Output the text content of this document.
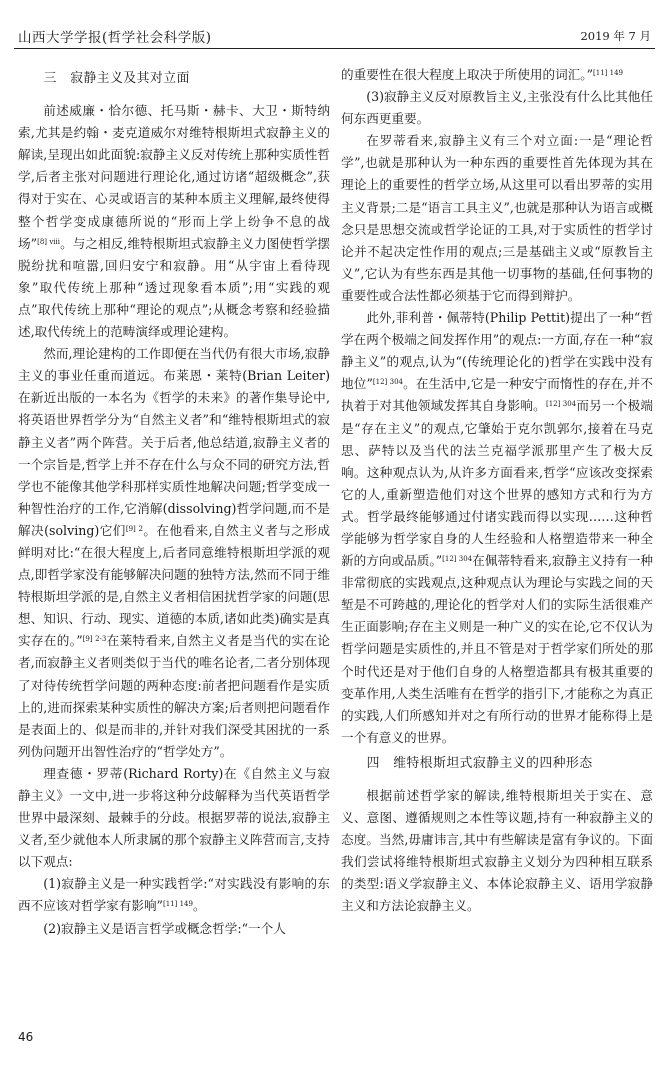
山西大学学报(哲学社会科学版)	2019 年 7 月
三　寂静主义及其对立面

前述威廉・恰尔德、托马斯・赫卡、大卫・斯特纳索,尤其是约翰・麦克道威尔对维特根斯坦式寂静主义的解读,呈现出如此面貌:寂静主义反对传统上那种实质性哲学,后者主张对问题进行理论化,通过访诸“超级概念”,获得对于实在、心灵或语言的某种本质主义理解,最终使得整个哲学变成康德所说的“形而上学上纷争不息的战场”$^{[8] viii}$。与之相反,维特根斯坦式寂静主义力图使哲学摆脱纷扰和喧嚣,回归安宁和寂静。用“从宇宙上看待现象”取代传统上那种“透过现象看本质”;用“实践的观点”取代传统上那种“理论的观点”;从概念考察和经验描述,取代传统上的范畴演绎或理论建构。

然而,理论建构的工作即便在当代仍有很大市场,寂静主义的事业任重而道远。布莱恩・莱特(Brian Leiter)在新近出版的一本名为《哲学的未来》的著作集导论中,将英语世界哲学分为“自然主义者”和“维特根斯坦式的寂静主义者”两个阵营。关于后者,他总结道,寂静主义者的一个宗旨是,哲学上并不存在什么与众不同的研究方法,哲学也不能像其他学科那样实质性地解决问题;哲学变成一种智性治疗的工作,它消解(dissolving)哲学问题,而不是解决(solving)它们$^{[9] 2}$。在他看来,自然主义者与之形成鲜明对比:“在很大程度上,后者同意维特根斯坦学派的观点,即哲学家没有能够解决问题的独特方法,然而不同于维特根斯坦学派的是,自然主义者相信困扰哲学家的问题(思想、知识、行动、现实、道德的本质,诸如此类)确实是真实存在的。”$^{[9] 2-3}$在莱特看来,自然主义者是当代的实在论者,而寂静主义者则类似于当代的唯名论者,二者分别体现了对待传统哲学问题的两种态度:前者把问题看作是实质上的,进而探索某种实质性的解决方案;后者则把问题看作是表面上的、似是而非的,并针对我们深受其困扰的一系列伪问题开出智性治疗的“哲学处方”。

理查德・罗蒂(Richard Rorty)在《自然主义与寂静主义》一文中,进一步将这种分歧解释为当代英语哲学世界中最深刻、最棘手的分歧。根据罗蒂的说法,寂静主义者,至少就他本人所隶属的那个寂静主义阵营而言,支持以下观点:

(1)寂静主义是一种实践哲学:“对实践没有影响的东西不应该对哲学家有影响”$^{[11] 149}$。

(2)寂静主义是语言哲学或概念哲学:“一个人

的重要性在很大程度上取决于所使用的词汇。”$^{[11] 149}$

(3)寂静主义反对原教旨主义,主张没有什么比其他任何东西更重要。

在罗蒂看来,寂静主义有三个对立面:一是“理论哲学”,也就是那种认为一种东西的重要性首先体现为其在理论上的重要性的哲学立场,从这里可以看出罗蒂的实用主义背景;二是“语言工具主义”,也就是那种认为语言或概念只是思想交流或哲学论证的工具,对于实质性的哲学讨论并不起决定性作用的观点;三是基础主义或“原教旨主义”,它认为有些东西是其他一切事物的基础,任何事物的重要性或合法性都必须基于它而得到辩护。

此外,菲利普・佩蒂特(Philip Pettit)提出了一种“哲学在两个极端之间发挥作用”的观点:一方面,存在一种“寂静主义”的观点,认为“(传统理论化的)哲学在实践中没有地位”$^{[12] 304}$。在生活中,它是一种安宁而惰性的存在,并不执着于对其他领域发挥其自身影响。$^{[12] 304}$而另一个极端是“存在主义”的观点,它肇始于克尔凯郭尔,接着在马克思、萨特以及当代的法兰克福学派那里产生了极大反响。这种观点认为,从许多方面看来,哲学“应该改变探索它的人,重新塑造他们对这个世界的感知方式和行为方式。哲学最终能够通过付诸实践而得以实现……这种哲学能够为哲学家自身的人生经验和人格塑造带来一种全新的方向或品质。”$^{[12] 304}$在佩蒂特看来,寂静主义持有一种非常彻底的实践观点,这种观点认为理论与实践之间的天堑是不可跨越的,理论化的哲学对人们的实际生活很难产生正面影响;存在主义则是一种广义的实在论,它不仅认为哲学问题是实质性的,并且不管是对于哲学家们所处的那个时代还是对于他们自身的人格塑造都具有极其重要的变革作用,人类生活唯有在哲学的指引下,才能称之为真正的实践,人们所感知并对之有所行动的世界才能称得上是一个有意义的世界。

四　维特根斯坦式寂静主义的四种形态

根据前述哲学家的解读,维特根斯坦关于实在、意义、意图、遵循规则之本性等议题,持有一种寂静主义的态度。当然,毋庸讳言,其中有些解读是富有争议的。下面我们尝试将维特根斯坦式寂静主义划分为四种相互联系的类型:语义学寂静主义、本体论寂静主义、语用学寂静主义和方法论寂静主义。

46
